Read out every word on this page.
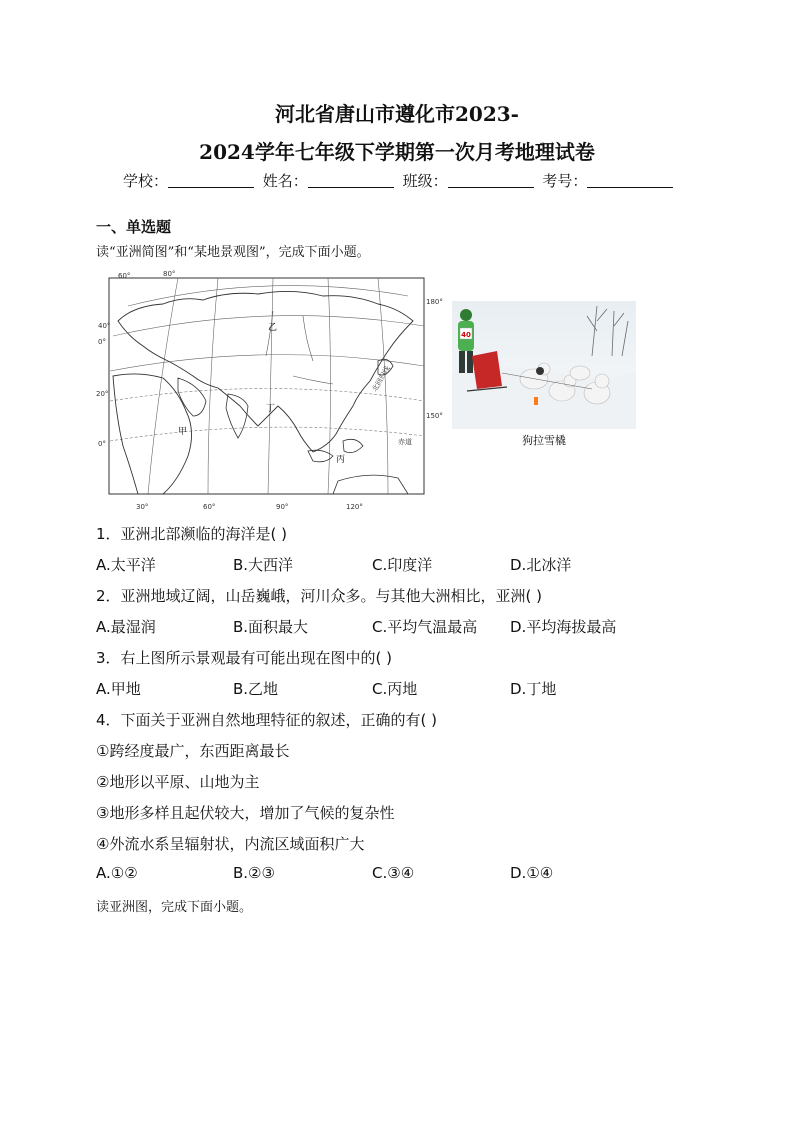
河北省唐山市遵化市2023-
2024学年七年级下学期第一次月考地理试卷
学校：	姓名：	班级：	考号：
一、单选题
读“亚洲简图”和“某地景观图”，完成下面小题。
60°	80°
40°
0°
20°
0°
180°
150°
30°	60°	90°	120°
甲
乙
丙
丁
北回归线
赤道
40
狗拉雪橇
1．亚洲北部濒临的海洋是( )
A.太平洋	B.大西洋	C.印度洋	D.北冰洋
2．亚洲地域辽阔，山岳巍峨，河川众多。与其他大洲相比，亚洲( )
A.最湿润	B.面积最大	C.平均气温最高 D.平均海拔最高
3．右上图所示景观最有可能出现在图中的( )
A.甲地	B.乙地	C.丙地	D.丁地
4．下面关于亚洲自然地理特征的叙述，正确的有( )
①跨经度最广，东西距离最长
②地形以平原、山地为主
③地形多样且起伏较大，增加了气候的复杂性
④外流水系呈辐射状，内流区域面积广大
A.①②	B.②③	C.③④	D.①④
读亚洲图，完成下面小题。
